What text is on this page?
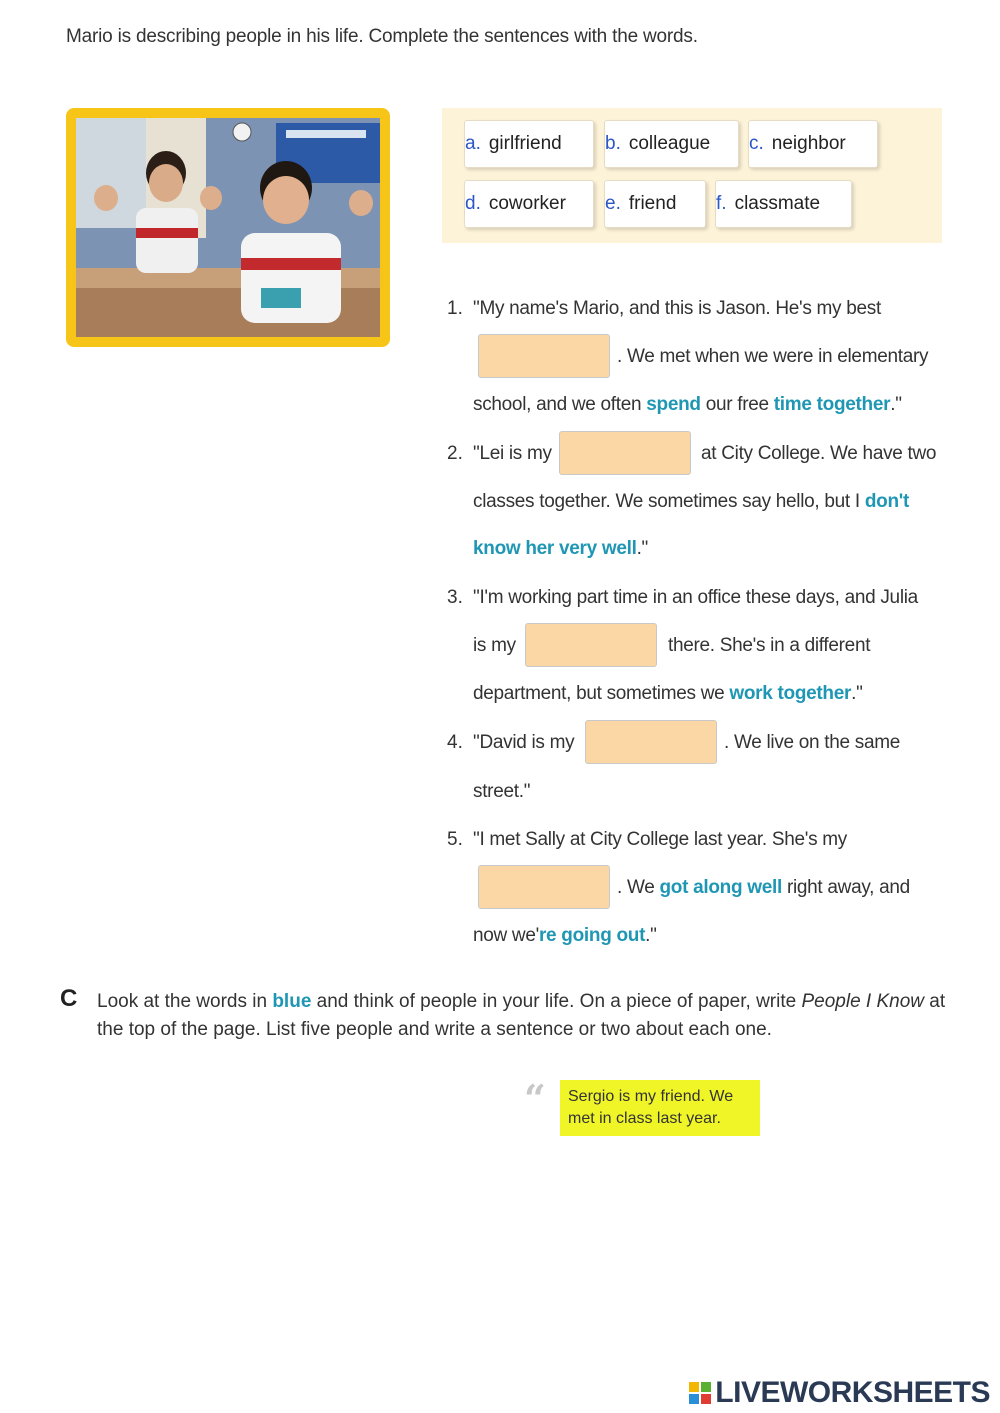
Mario is describing people in his life. Complete the sentences with the words.
a. girlfriend	b. colleague	c. neighbor
d. coworker	e. friend	f. classmate
1. "My name's Mario, and this is Jason. He's my best
. We met when we were in elementary
school, and we often spend our free time together."
2. "Lei is my	at City College. We have two
classes together. We sometimes say hello, but I don't
know her very well."
3. "I'm working part time in an office these days, and Julia
is my	there. She's in a different
department, but sometimes we work together."
4. "David is my	. We live on the same
street."
5. "I met Sally at City College last year. She's my
. We got along well right away, and
now we're going out."
C Look at the words in blue and think of people in your life. On a piece of paper, write People I Know at the top of the page. List five people and write a sentence or two about each one.
“	Sergio is my friend. We met in class last year.
LIVEWORKSHEETS
